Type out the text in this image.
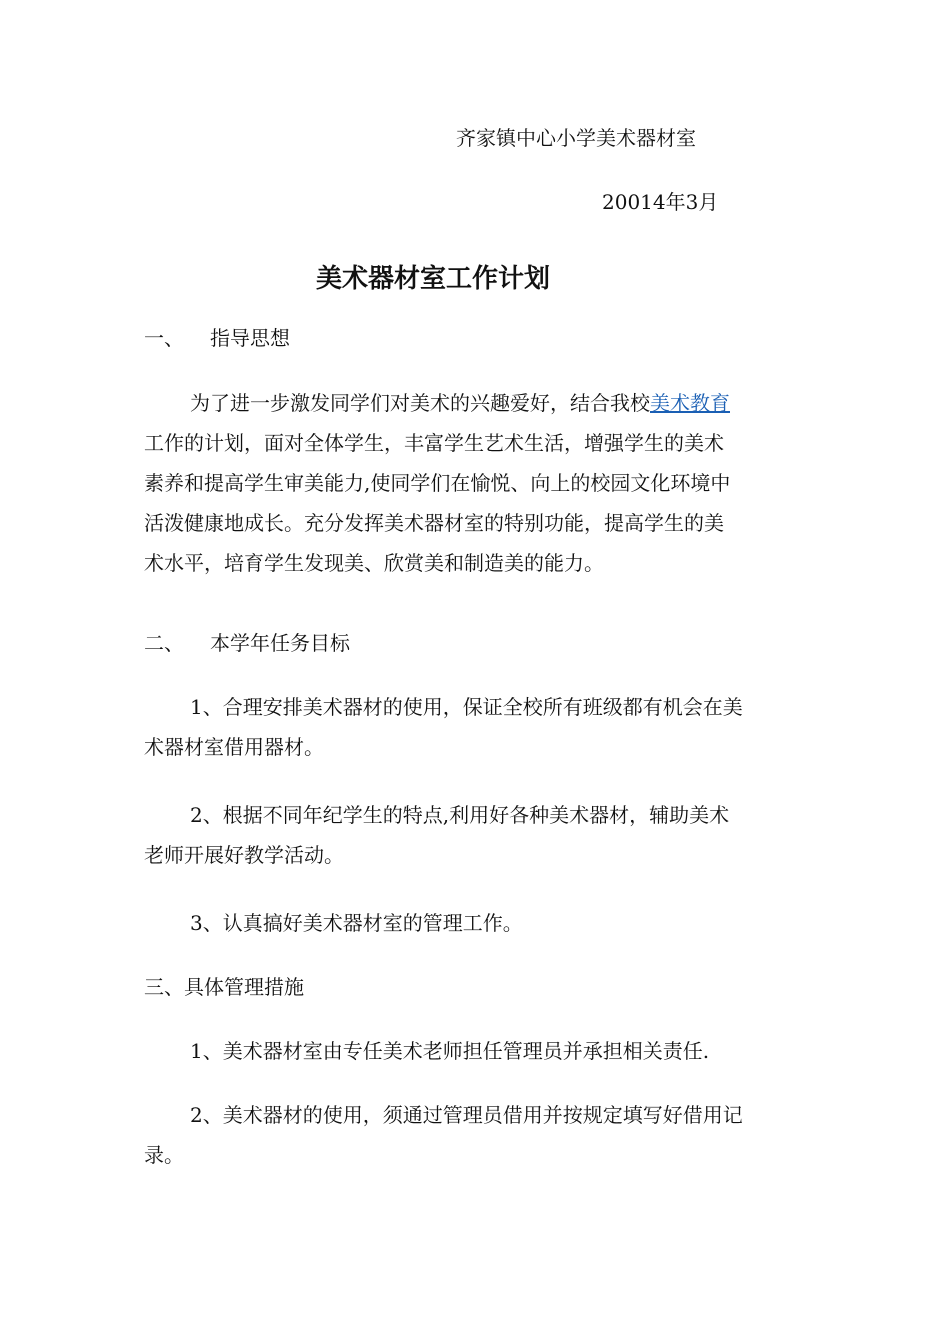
齐家镇中心小学美术器材室
20014年3月
美术器材室工作计划
一、 指导思想
为了进一步激发同学们对美术的兴趣爱好，结合我校美术教育
工作的计划，面对全体学生，丰富学生艺术生活，增强学生的美术
素养和提高学生审美能力,使同学们在愉悦、向上的校园文化环境中
活泼健康地成长。充分发挥美术器材室的特别功能，提高学生的美
术水平，培育学生发现美、欣赏美和制造美的能力。
二、 本学年任务目标
1、合理安排美术器材的使用，保证全校所有班级都有机会在美
术器材室借用器材。
2、根据不同年纪学生的特点,利用好各种美术器材，辅助美术
老师开展好教学活动。
3、认真搞好美术器材室的管理工作。
三、具体管理措施
1、美术器材室由专任美术老师担任管理员并承担相关责任.
2、美术器材的使用，须通过管理员借用并按规定填写好借用记
录。
